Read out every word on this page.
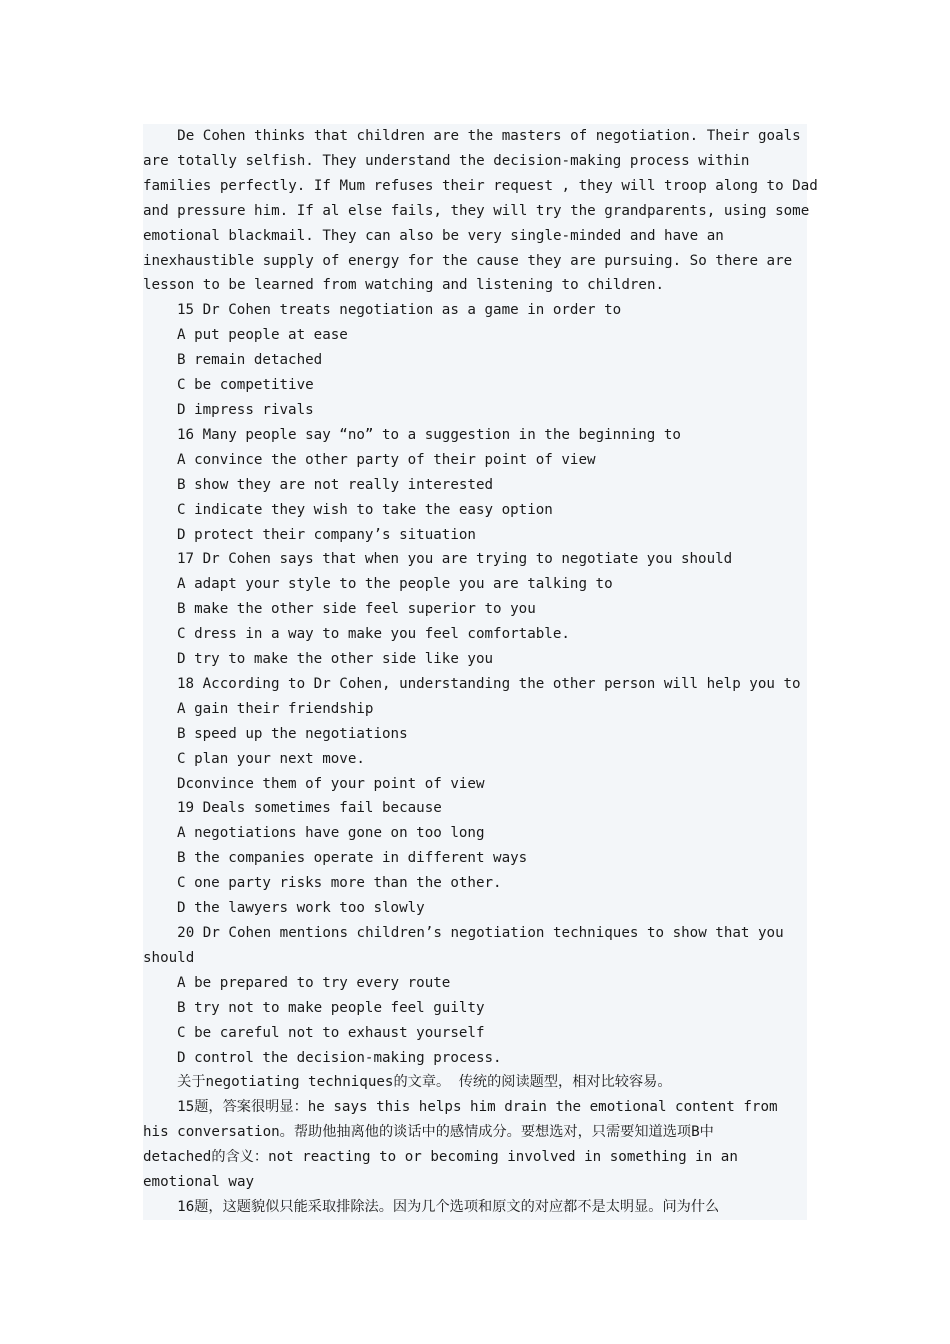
De Cohen thinks that children are the masters of negotiation. Their goals
are totally selfish. They understand the decision-making process within
families perfectly. If Mum refuses their request , they will troop along to Dad
and pressure him. If al else fails, they will try the grandparents, using some
emotional blackmail. They can also be very single-minded and have an
inexhaustible supply of energy for the cause they are pursuing. So there are
lesson to be learned from watching and listening to children.
15 Dr Cohen treats negotiation as a game in order to
A put people at ease
B remain detached
C be competitive
D impress rivals
16 Many people say “no” to a suggestion in the beginning to
A convince the other party of their point of view
B show they are not really interested
C indicate they wish to take the easy option
D protect their company’s situation
17 Dr Cohen says that when you are trying to negotiate you should
A adapt your style to the people you are talking to
B make the other side feel superior to you
C dress in a way to make you feel comfortable.
D try to make the other side like you
18 According to Dr Cohen, understanding the other person will help you to
A gain their friendship
B speed up the negotiations
C plan your next move.
Dconvince them of your point of view
19 Deals sometimes fail because
A negotiations have gone on too long
B the companies operate in different ways
C one party risks more than the other.
D the lawyers work too slowly
20 Dr Cohen mentions children’s negotiation techniques to show that you
should
A be prepared to try every route
B try not to make people feel guilty
C be careful not to exhaust yourself
D control the decision-making process.
关于negotiating techniques的文章。 传统的阅读题型，相对比较容易。
15题，答案很明显：he says this helps him drain the emotional content from
his conversation。帮助他抽离他的谈话中的感情成分。要想选对，只需要知道选项B中
detached的含义：not reacting to or becoming involved in something in an
emotional way
16题，这题貌似只能采取排除法。因为几个选项和原文的对应都不是太明显。问为什么
